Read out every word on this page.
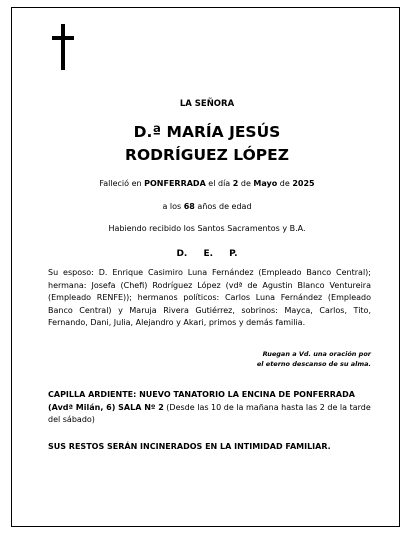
LA SEÑORA
D.ª MARÍA JESÚS
RODRÍGUEZ LÓPEZ
Falleció en PONFERRADA el día 2 de Mayo de 2025
a los 68 años de edad
Habiendo recibido los Santos Sacramentos y B.A.
D. E. P.
Su esposo: D. Enrique Casimiro Luna Fernández (Empleado Banco Central); hermana: Josefa (Chefi) Rodríguez López (vdª de Agustin Blanco Ventureira (Empleado RENFE)); hermanos políticos: Carlos Luna Fernández (Empleado Banco Central) y Maruja Rivera Gutiérrez, sobrinos: Mayca, Carlos, Tito, Fernando, Dani, Julia, Alejandro y Akari, primos y demás familia.
Ruegan a Vd. una oración por
el eterno descanso de su alma.
CAPILLA ARDIENTE: NUEVO TANATORIO LA ENCINA DE PONFERRADA (Avdª Milán, 6) SALA Nº 2 (Desde las 10 de la mañana hasta las 2 de la tarde del sábado)
SUS RESTOS SERÁN INCINERADOS EN LA INTIMIDAD FAMILIAR.
